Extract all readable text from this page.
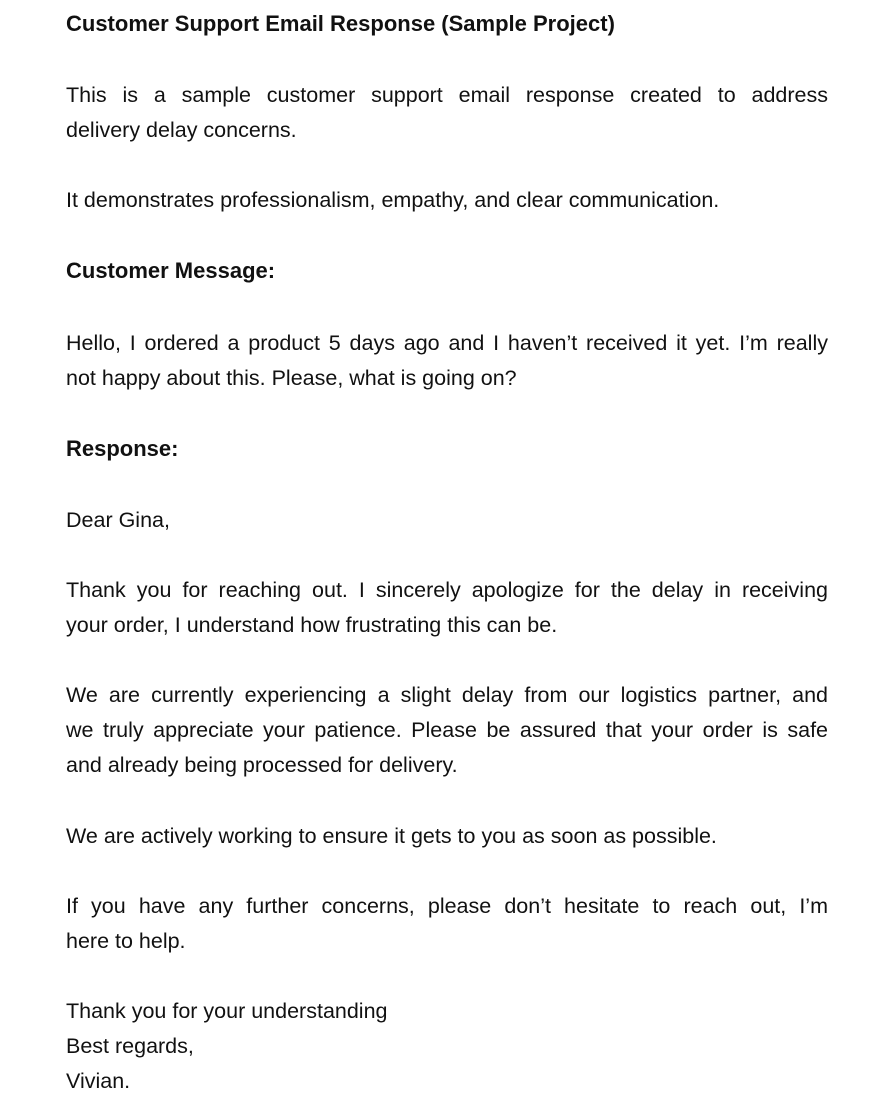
Customer Support Email Response (Sample Project)
This is a sample customer support email response created to address
delivery delay concerns.
It demonstrates professionalism, empathy, and clear communication.
Customer Message:
Hello, I ordered a product 5 days ago and I haven’t received it yet. I’m really
not happy about this. Please, what is going on?
Response:
Dear Gina,
Thank you for reaching out. I sincerely apologize for the delay in receiving
your order, I understand how frustrating this can be.
We are currently experiencing a slight delay from our logistics partner, and
we truly appreciate your patience. Please be assured that your order is safe
and already being processed for delivery.
We are actively working to ensure it gets to you as soon as possible.
If you have any further concerns, please don’t hesitate to reach out, I’m
here to help.
Thank you for your understanding
Best regards,
Vivian.
